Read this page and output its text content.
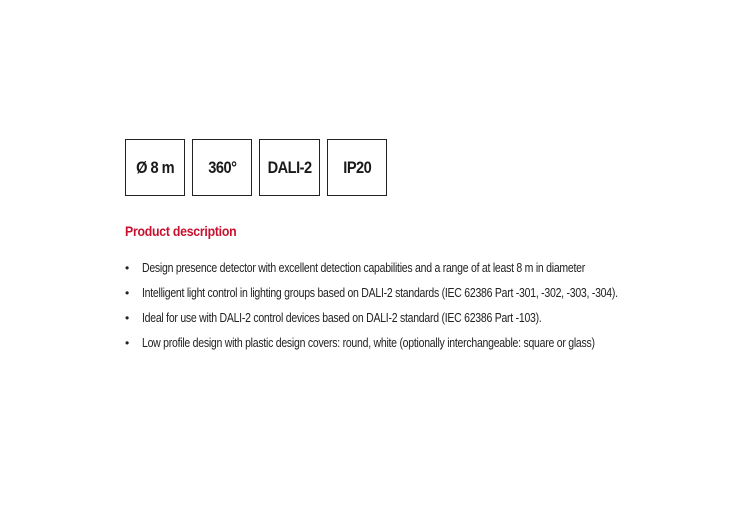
Ø 8 m 360° DALI-2 IP20
Product description
•	Design presence detector with excellent detection capabilities and a range of at least 8 m in diameter
•	Intelligent light control in lighting groups based on DALI-2 standards (IEC 62386 Part -301, -302, -303, -304).
•	Ideal for use with DALI-2 control devices based on DALI-2 standard (IEC 62386 Part -103).
•	Low profile design with plastic design covers: round, white (optionally interchangeable: square or glass)
